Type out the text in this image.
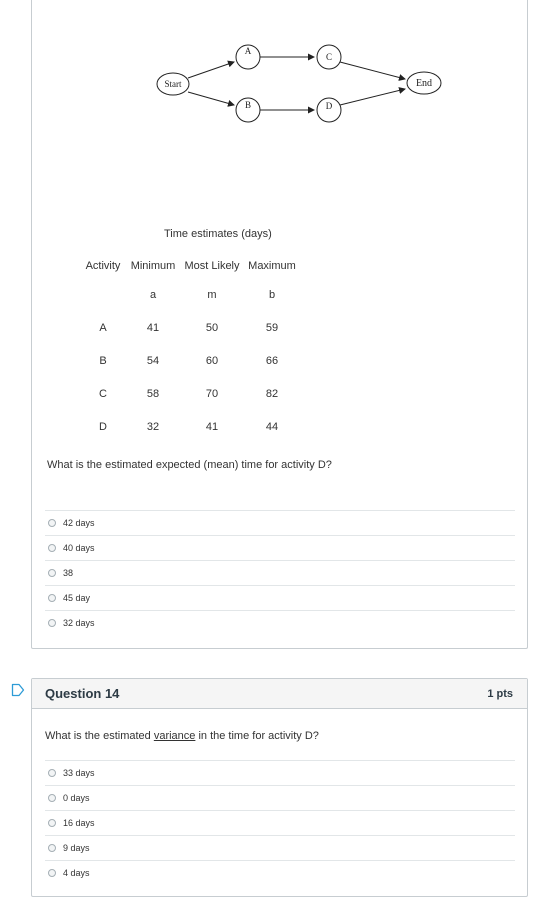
Start
A
B
C
D
End
Time estimates (days)
Activity	Minimum	Most Likely	Maximum
	a	m	b
A	41	50	59
B	54	60	66
C	58	70	82
D	32	41	44
What is the estimated expected (mean) time for activity D?
42 days
40 days
38
45 day
32 days
Question 14	1 pts
What is the estimated variance in the time for activity D?
33 days
0 days
16 days
9 days
4 days
